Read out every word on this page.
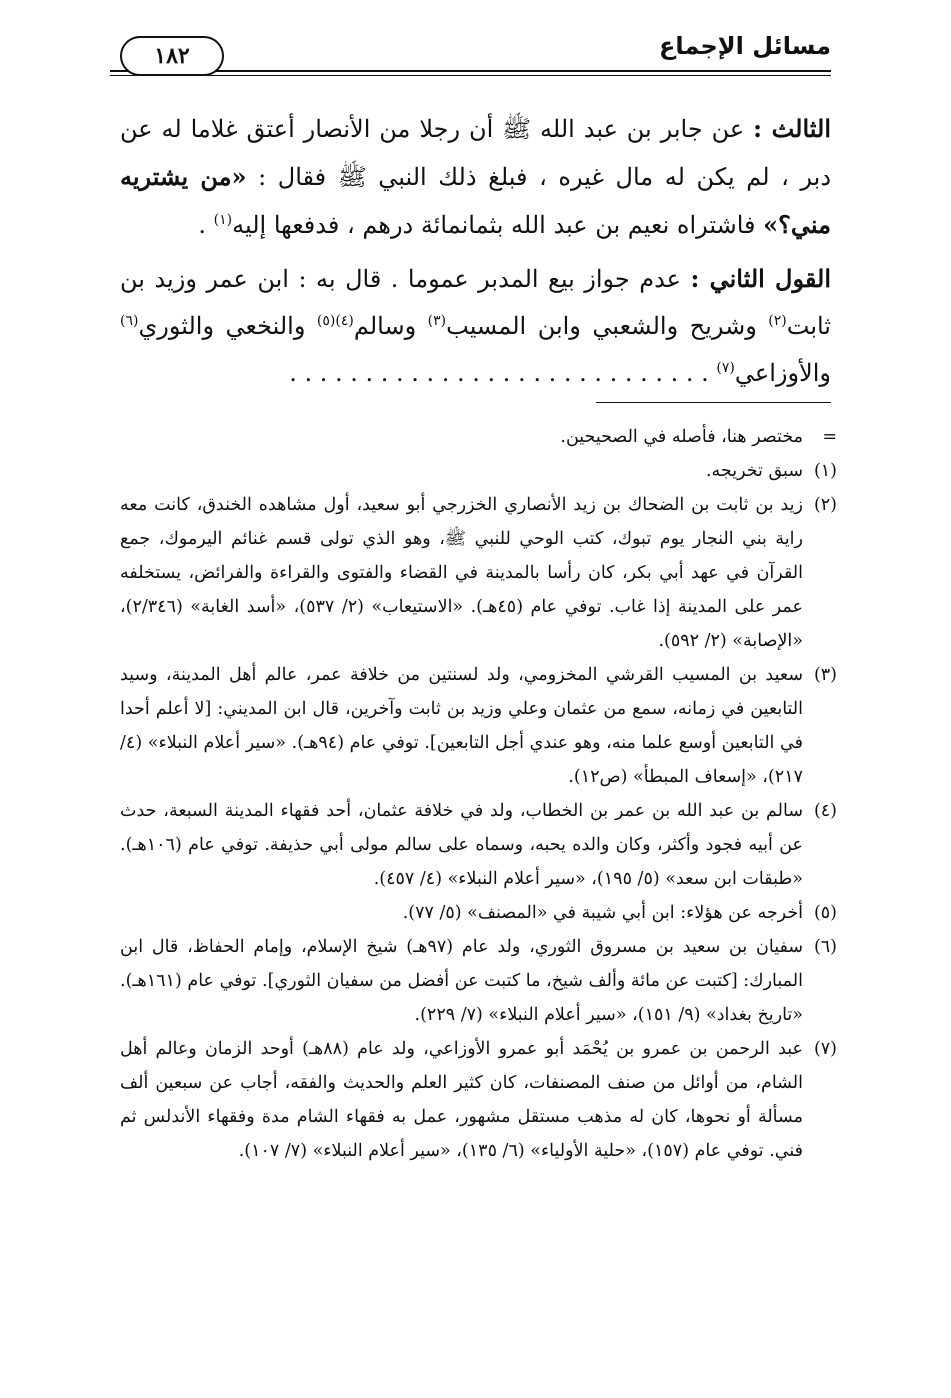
مسائل الإجماع
١٨٢

الثالث : عن جابر بن عبد الله ﷺ أن رجلا من الأنصار أعتق غلاما له عن دبر ، لم يكن له مال غيره ، فبلغ ذلك النبي ﷺ فقال : «من يشتريه مني؟» فاشتراه نعيم بن عبد الله بثمانمائة درهم ، فدفعها إليه$^{(١)}$ .

القول الثاني : عدم جواز بيع المدبر عموما . قال به : ابن عمر وزيد بن ثابت$^{(٢)}$ وشريح والشعبي وابن المسيب$^{(٣)}$ وسالم$^{(٤)(٥)}$ والنخعي والثوري$^{(٦)}$ والأوزاعي$^{(٧)}$ . . . . . . . . . . . . . . . . . . . . . . . . . . . .

=
مختصر هنا، فأصله في الصحيحين.

(١)
سبق تخريجه.

(٢)
زيد بن ثابت بن الضحاك بن زيد الأنصاري الخزرجي أبو سعيد، أول مشاهده الخندق، كانت معه راية بني النجار يوم تبوك، كتب الوحي للنبي ﷺ، وهو الذي تولى قسم غنائم اليرموك، جمع القرآن في عهد أبي بكر، كان رأسا بالمدينة في القضاء والفتوى والقراءة والفرائض، يستخلفه عمر على المدينة إذا غاب. توفي عام (٤٥هـ). «الاستيعاب» (٢/ ٥٣٧)، «أسد الغابة» (٢/٣٤٦)، «الإصابة» (٢/ ٥٩٢).

(٣)
سعيد بن المسيب القرشي المخزومي، ولد لسنتين من خلافة عمر، عالم أهل المدينة، وسيد التابعين في زمانه، سمع من عثمان وعلي وزيد بن ثابت وآخرين، قال ابن المديني: [لا أعلم أحدا في التابعين أوسع علما منه، وهو عندي أجل التابعين]. توفي عام (٩٤هـ). «سير أعلام النبلاء» (٤/ ٢١٧)، «إسعاف المبطأ» (ص١٢).

(٤)
سالم بن عبد الله بن عمر بن الخطاب، ولد في خلافة عثمان، أحد فقهاء المدينة السبعة، حدث عن أبيه فجود وأكثر، وكان والده يحبه، وسماه على سالم مولى أبي حذيفة. توفي عام (١٠٦هـ). «طبقات ابن سعد» (٥/ ١٩٥)، «سير أعلام النبلاء» (٤/ ٤٥٧).

(٥)
أخرجه عن هؤلاء: ابن أبي شيبة في «المصنف» (٥/ ٧٧).

(٦)
سفيان بن سعيد بن مسروق الثوري، ولد عام (٩٧هـ) شيخ الإسلام، وإمام الحفاظ، قال ابن المبارك: [كتبت عن مائة وألف شيخ، ما كتبت عن أفضل من سفيان الثوري]. توفي عام (١٦١هـ). «تاريخ بغداد» (٩/ ١٥١)، «سير أعلام النبلاء» (٧/ ٢٢٩).

(٧)
عبد الرحمن بن عمرو بن يُحْمَد أبو عمرو الأوزاعي، ولد عام (٨٨هـ) أوحد الزمان وعالم أهل الشام، من أوائل من صنف المصنفات، كان كثير العلم والحديث والفقه، أجاب عن سبعين ألف مسألة أو نحوها، كان له مذهب مستقل مشهور، عمل به فقهاء الشام مدة وفقهاء الأندلس ثم فني. توفي عام (١٥٧)، «حلية الأولياء» (٦/ ١٣٥)، «سير أعلام النبلاء» (٧/ ١٠٧).
